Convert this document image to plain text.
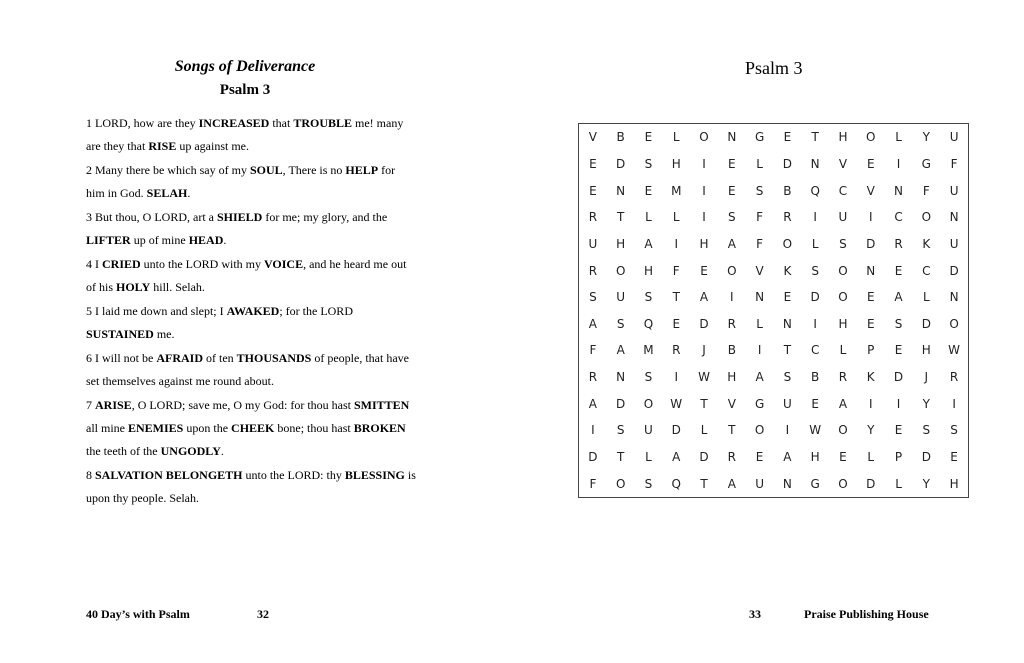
Songs of Deliverance
Psalm 3
1 LORD, how are they INCREASED that TROUBLE me! many are they that RISE up against me.
2 Many there be which say of my SOUL, There is no HELP for him in God. SELAH.
3 But thou, O LORD, art a SHIELD for me; my glory, and the LIFTER up of mine HEAD.
4 I CRIED unto the LORD with my VOICE, and he heard me out of his HOLY hill. Selah.
5 I laid me down and slept; I AWAKED; for the LORD SUSTAINED me.
6 I will not be AFRAID of ten THOUSANDS of people, that have set themselves against me round about.
7 ARISE, O LORD; save me, O my God: for thou hast SMITTEN all mine ENEMIES upon the CHEEK bone; thou hast BROKEN the teeth of the UNGODLY.
8 SALVATION BELONGETH unto the LORD: thy BLESSING is upon thy people. Selah.
Psalm 3
V	B	E	L	O	N	G	E	T	H	O	L	Y	U
E	D	S	H	I	E	L	D	N	V	E	I	G	F
E	N	E	M	I	E	S	B	Q	C	V	N	F	U
R	T	L	L	I	S	F	R	I	U	I	C	O	N
U	H	A	I	H	A	F	O	L	S	D	R	K	U
R	O	H	F	E	O	V	K	S	O	N	E	C	D
S	U	S	T	A	I	N	E	D	O	E	A	L	N
A	S	Q	E	D	R	L	N	I	H	E	S	D	O
F	A	M	R	J	B	I	T	C	L	P	E	H	W
R	N	S	I	W	H	A	S	B	R	K	D	J	R
A	D	O	W	T	V	G	U	E	A	I	I	Y	I
I	S	U	D	L	T	O	I	W	O	Y	E	S	S
D	T	L	A	D	R	E	A	H	E	L	P	D	E
F	O	S	Q	T	A	U	N	G	O	D	L	Y	H
40 Day’s with Psalm	32	33	Praise Publishing House
